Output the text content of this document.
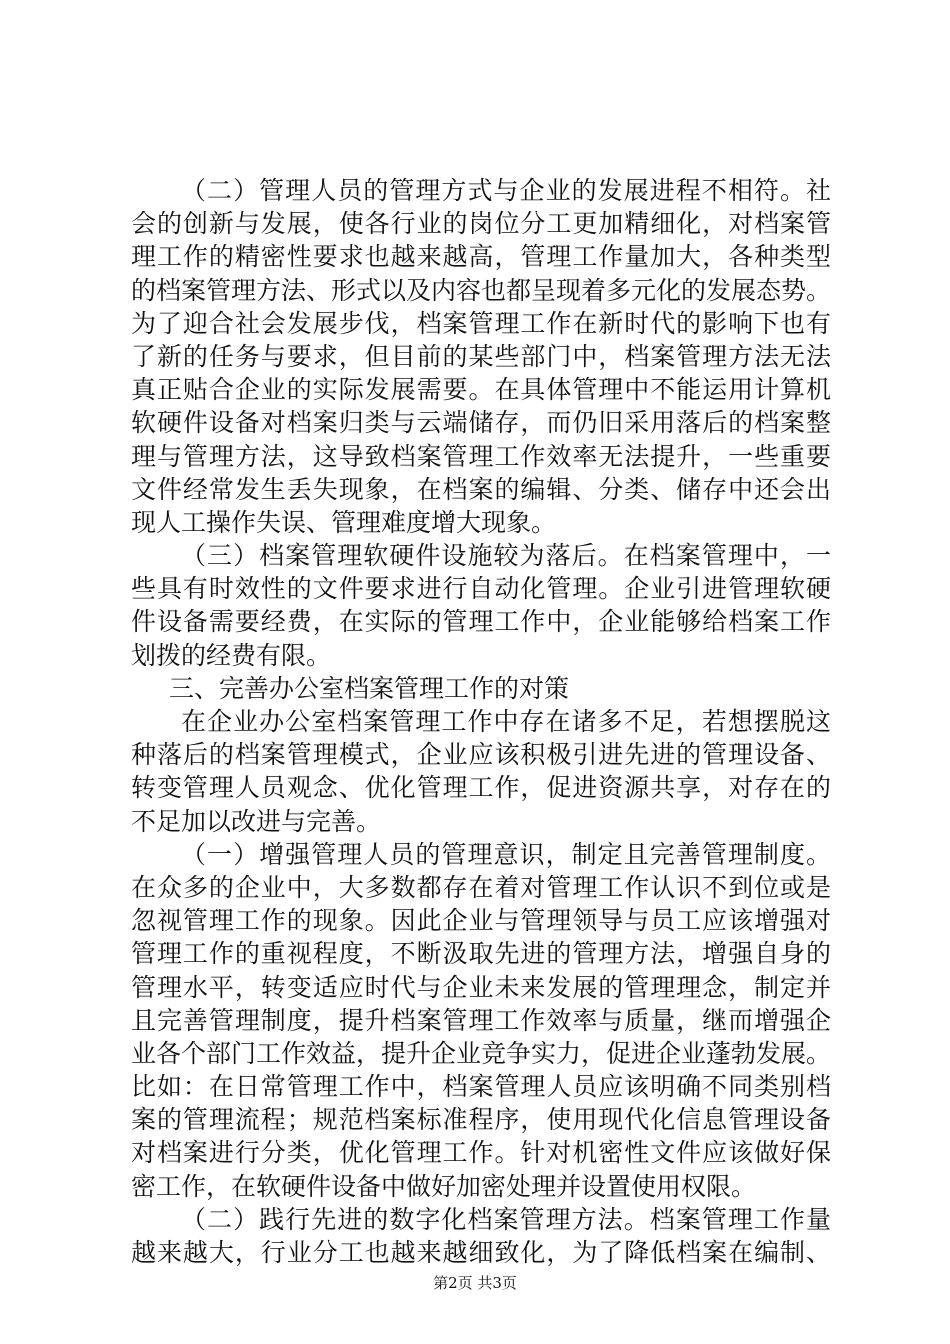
（二）管理人员的管理方式与企业的发展进程不相符。社
会的创新与发展，使各行业的岗位分工更加精细化，对档案管
理工作的精密性要求也越来越高，管理工作量加大，各种类型
的档案管理方法、形式以及内容也都呈现着多元化的发展态势。
为了迎合社会发展步伐，档案管理工作在新时代的影响下也有
了新的任务与要求，但目前的某些部门中，档案管理方法无法
真正贴合企业的实际发展需要。在具体管理中不能运用计算机
软硬件设备对档案归类与云端储存，而仍旧采用落后的档案整
理与管理方法，这导致档案管理工作效率无法提升，一些重要
文件经常发生丢失现象，在档案的编辑、分类、储存中还会出
现人工操作失误、管理难度增大现象。
（三）档案管理软硬件设施较为落后。在档案管理中，一
些具有时效性的文件要求进行自动化管理。企业引进管理软硬
件设备需要经费，在实际的管理工作中，企业能够给档案工作
划拨的经费有限。
三、完善办公室档案管理工作的对策
在企业办公室档案管理工作中存在诸多不足，若想摆脱这
种落后的档案管理模式，企业应该积极引进先进的管理设备、
转变管理人员观念、优化管理工作，促进资源共享，对存在的
不足加以改进与完善。
（一）增强管理人员的管理意识，制定且完善管理制度。
在众多的企业中，大多数都存在着对管理工作认识不到位或是
忽视管理工作的现象。因此企业与管理领导与员工应该增强对
管理工作的重视程度，不断汲取先进的管理方法，增强自身的
管理水平，转变适应时代与企业未来发展的管理理念，制定并
且完善管理制度，提升档案管理工作效率与质量，继而增强企
业各个部门工作效益，提升企业竞争实力，促进企业蓬勃发展。
比如：在日常管理工作中，档案管理人员应该明确不同类别档
案的管理流程；规范档案标准程序，使用现代化信息管理设备
对档案进行分类，优化管理工作。针对机密性文件应该做好保
密工作，在软硬件设备中做好加密处理并设置使用权限。
（二）践行先进的数字化档案管理方法。档案管理工作量
越来越大，行业分工也越来越细致化，为了降低档案在编制、
第2页 共3页
